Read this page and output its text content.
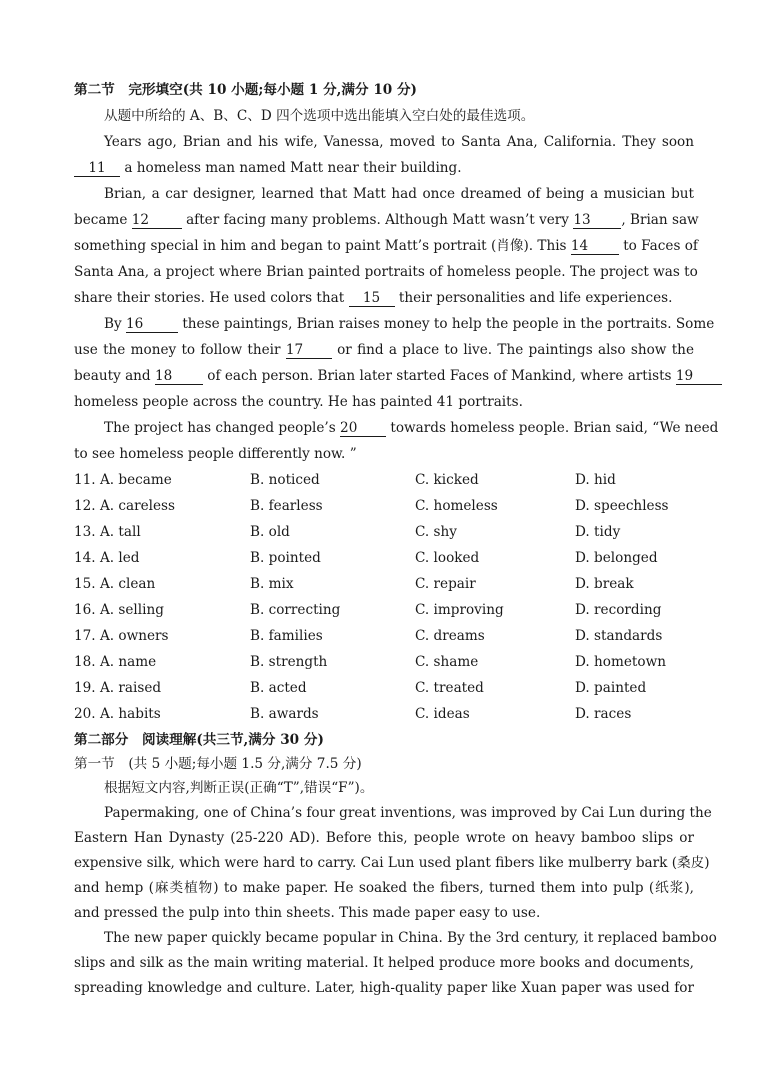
第二节　完形填空(共 10 小题;每小题 1 分,满分 10 分)
从题中所给的 A、B、C、D 四个选项中选出能填入空白处的最佳选项。
Years ago, Brian and his wife, Vanessa, moved to Santa Ana, California. They soon
11 a homeless man named Matt near their building.
Brian, a car designer, learned that Matt had once dreamed of being a musician but
became 12	after facing many problems. Although Matt wasn’t very 13 , Brian saw
something special in him and began to paint Matt’s portrait (肖像). This 14	to Faces of
Santa Ana, a project where Brian painted portraits of homeless people. The project was to
share their stories. He used colors that 15 their personalities and life experiences.
By 16	these paintings, Brian raises money to help the people in the portraits. Some
use the money to follow their 17 or find a place to live. The paintings also show the
beauty and 18	of each person. Brian later started Faces of Mankind, where artists 19
homeless people across the country. He has painted 41 portraits.
The project has changed people’s 20 towards homeless people. Brian said, “We need
to see homeless people differently now. ”
11. A. became	B. noticed	C. kicked	D. hid
12. A. careless	B. fearless	C. homeless	D. speechless
13. A. tall	B. old	C. shy	D. tidy
14. A. led	B. pointed	C. looked	D. belonged
15. A. clean	B. mix	C. repair	D. break
16. A. selling	B. correcting	C. improving	D. recording
17. A. owners	B. families	C. dreams	D. standards
18. A. name	B. strength	C. shame	D. hometown
19. A. raised	B. acted	C. treated	D. painted
20. A. habits	B. awards	C. ideas	D. races
第二部分　阅读理解(共三节,满分 30 分)
第一节　(共 5 小题;每小题 1.5 分,满分 7.5 分)
根据短文内容,判断正误(正确“T”,错误“F”)。
Papermaking, one of China’s four great inventions, was improved by Cai Lun during the
Eastern Han Dynasty (25-220 AD). Before this, people wrote on heavy bamboo slips or
expensive silk, which were hard to carry. Cai Lun used plant fibers like mulberry bark (桑皮)
and hemp (麻类植物) to make paper. He soaked the fibers, turned them into pulp (纸浆),
and pressed the pulp into thin sheets. This made paper easy to use.
The new paper quickly became popular in China. By the 3rd century, it replaced bamboo
slips and silk as the main writing material. It helped produce more books and documents,
spreading knowledge and culture. Later, high-quality paper like Xuan paper was used for
